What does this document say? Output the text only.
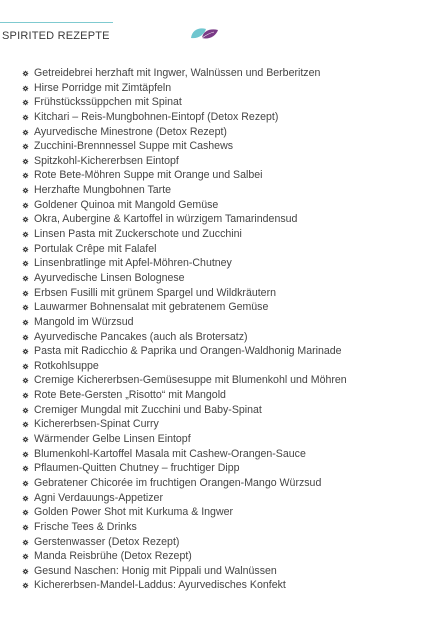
SPIRITED REZEPTE
Getreidebrei herzhaft mit Ingwer, Walnüssen und Berberitzen
Hirse Porridge mit Zimtäpfeln
Frühstückssüppchen mit Spinat
Kitchari – Reis-Mungbohnen-Eintopf (Detox Rezept)
Ayurvedische Minestrone (Detox Rezept)
Zucchini-Brennnessel Suppe mit Cashews
Spitzkohl-Kichererbsen Eintopf
Rote Bete-Möhren Suppe mit Orange und Salbei
Herzhafte Mungbohnen Tarte
Goldener Quinoa mit Mangold Gemüse
Okra, Aubergine & Kartoffel in würzigem Tamarindensud
Linsen Pasta mit Zuckerschote und Zucchini
Portulak Crêpe mit Falafel
Linsenbratlinge mit Apfel-Möhren-Chutney
Ayurvedische Linsen Bolognese
Erbsen Fusilli mit grünem Spargel und Wildkräutern
Lauwarmer Bohnensalat mit gebratenem Gemüse
Mangold im Würzsud
Ayurvedische Pancakes (auch als Brotersatz)
Pasta mit Radicchio & Paprika und Orangen-Waldhonig Marinade
Rotkohlsuppe
Cremige Kichererbsen-Gemüsesuppe mit Blumenkohl und Möhren
Rote Bete-Gersten „Risotto“ mit Mangold
Cremiger Mungdal mit Zucchini und Baby-Spinat
Kichererbsen-Spinat Curry
Wärmender Gelbe Linsen Eintopf
Blumenkohl-Kartoffel Masala mit Cashew-Orangen-Sauce
Pflaumen-Quitten Chutney – fruchtiger Dipp
Gebratener Chicorée im fruchtigen Orangen-Mango Würzsud
Agni Verdauungs-Appetizer
Golden Power Shot mit Kurkuma & Ingwer
Frische Tees & Drinks
Gerstenwasser (Detox Rezept)
Manda Reisbrühe (Detox Rezept)
Gesund Naschen: Honig mit Pippali und Walnüssen
Kichererbsen-Mandel-Laddus: Ayurvedisches Konfekt
